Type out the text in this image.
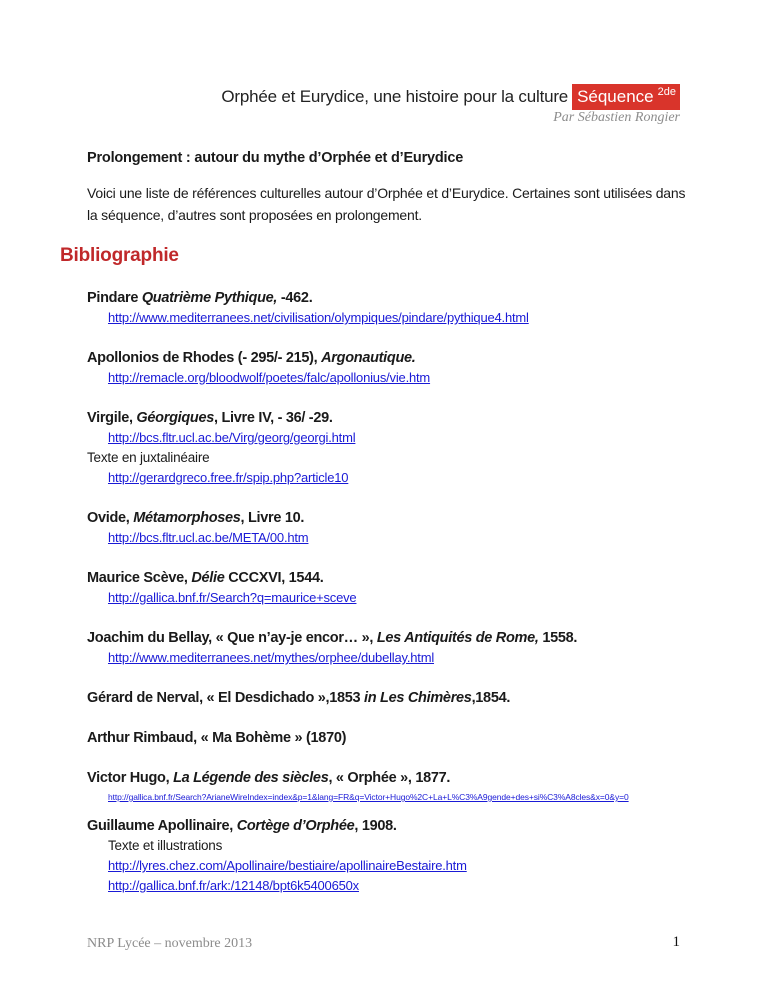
Orphée et Eurydice, une histoire pour la culture Séquence $^{2de}$
Par Sébastien Rongier

Prolongement : autour du mythe d’Orphée et d’Eurydice

Voici une liste de références culturelles autour d’Orphée et d’Eurydice. Certaines sont utilisées dans la séquence, d’autres sont proposées en prolongement.

Bibliographie
Pindare Quatrième Pythique, -462.
http://www.mediterranees.net/civilisation/olympiques/pindare/pythique4.html
Apollonios de Rhodes (- 295/- 215), Argonautique.
http://remacle.org/bloodwolf/poetes/falc/apollonius/vie.htm
Virgile, Géorgiques, Livre IV, - 36/ -29.
http://bcs.fltr.ucl.ac.be/Virg/georg/georgi.html
Texte en juxtalinéaire
http://gerardgreco.free.fr/spip.php?article10
Ovide, Métamorphoses, Livre 10.
http://bcs.fltr.ucl.ac.be/META/00.htm
Maurice Scève, Délie CCCXVI, 1544.
http://gallica.bnf.fr/Search?q=maurice+sceve
Joachim du Bellay, « Que n’ay-je encor… », Les Antiquités de Rome, 1558.
http://www.mediterranees.net/mythes/orphee/dubellay.html
Gérard de Nerval, « El Desdichado »,1853 in Les Chimères,1854.
Arthur Rimbaud, « Ma Bohème » (1870)
Victor Hugo, La Légende des siècles, « Orphée », 1877.
http://gallica.bnf.fr/Search?ArianeWireIndex=index&p=1&lang=FR&q=Victor+Hugo%2C+La+L%C3%A9gende+des+si%C3%A8cles&x=0&y=0
Guillaume Apollinaire, Cortège d’Orphée, 1908.
Texte et illustrations
http://lyres.chez.com/Apollinaire/bestiaire/apollinaireBestaire.htm
http://gallica.bnf.fr/ark:/12148/bpt6k5400650x
NRP Lycée – novembre 2013	1
